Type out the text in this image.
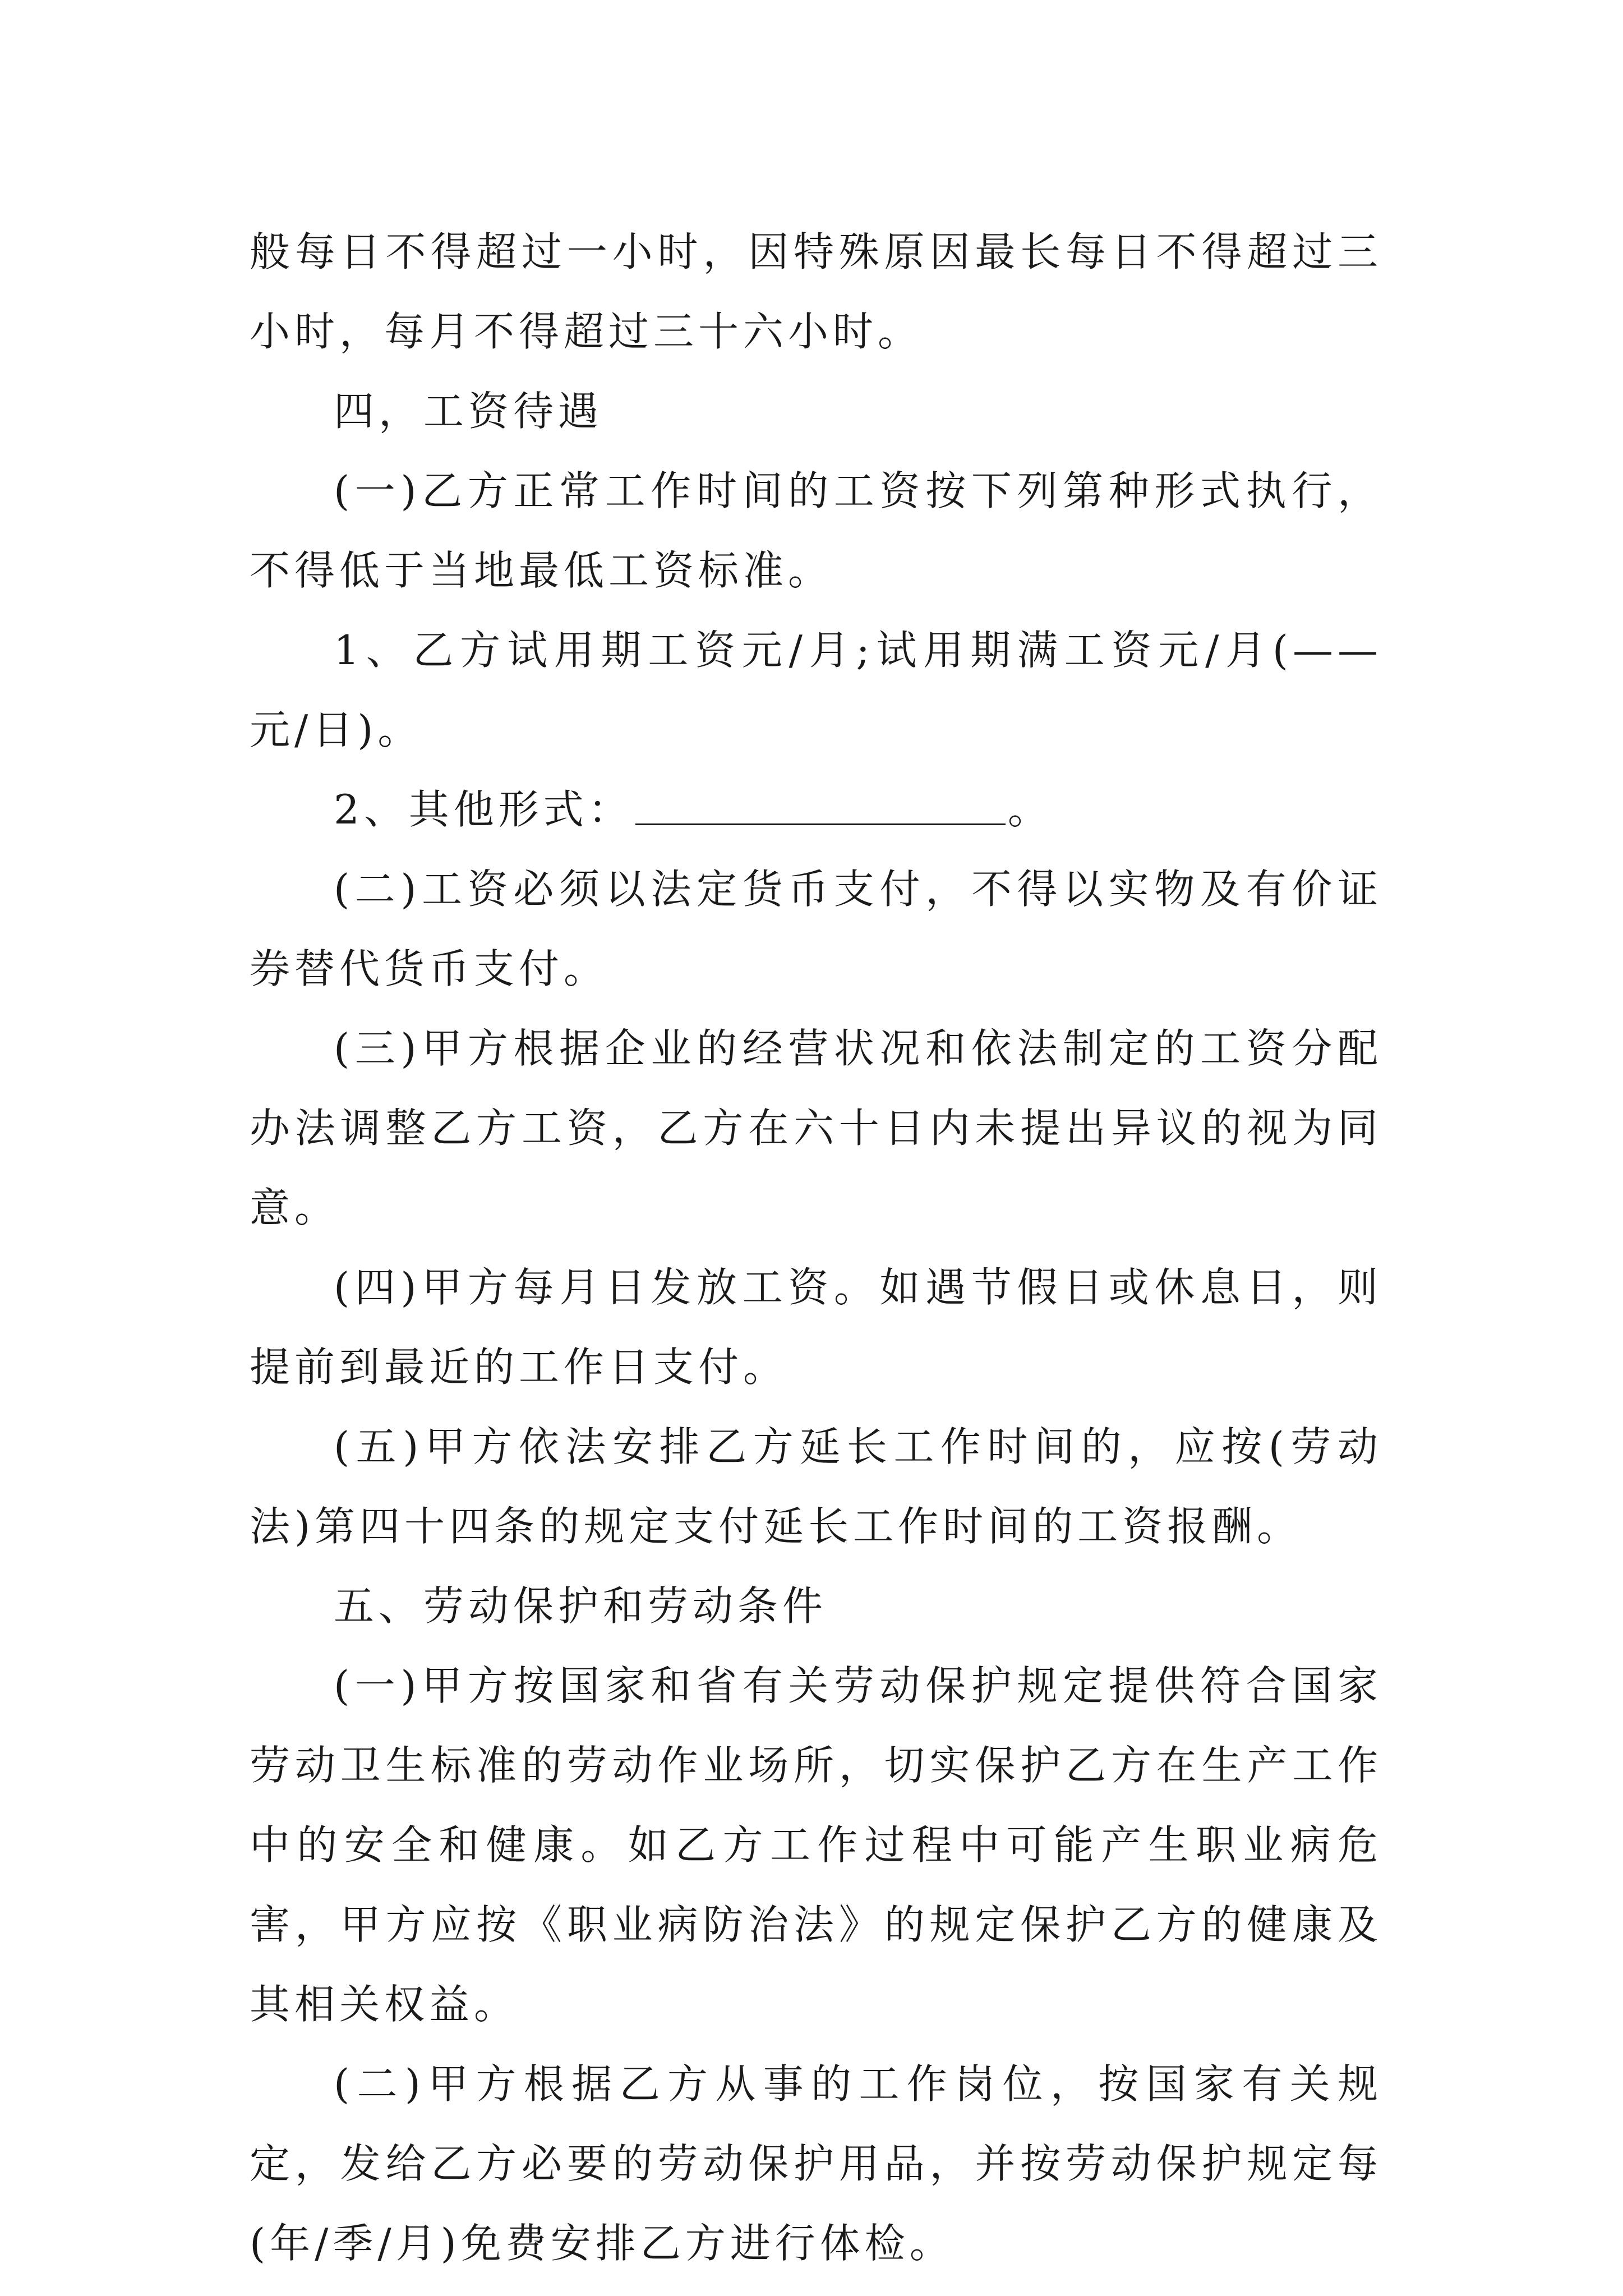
般每日不得超过一小时，因特殊原因最长每日不得超过三小时，每月不得超过三十六小时。

四，工资待遇

(一)乙方正常工作时间的工资按下列第种形式执行，不得低于当地最低工资标准。

1、乙方试用期工资元/月;试用期满工资元/月(——元/日)。

2、其他形式：	。

(二)工资必须以法定货币支付，不得以实物及有价证券替代货币支付。

(三)甲方根据企业的经营状况和依法制定的工资分配办法调整乙方工资，乙方在六十日内未提出异议的视为同意。

(四)甲方每月日发放工资。如遇节假日或休息日，则提前到最近的工作日支付。

(五)甲方依法安排乙方延长工作时间的，应按(劳动法)第四十四条的规定支付延长工作时间的工资报酬。

五、劳动保护和劳动条件

(一)甲方按国家和省有关劳动保护规定提供符合国家劳动卫生标准的劳动作业场所，切实保护乙方在生产工作中的安全和健康。如乙方工作过程中可能产生职业病危害，甲方应按《职业病防治法》的规定保护乙方的健康及其相关权益。

(二)甲方根据乙方从事的工作岗位，按国家有关规定，发给乙方必要的劳动保护用品，并按劳动保护规定每(年/季/月)免费安排乙方进行体检。
